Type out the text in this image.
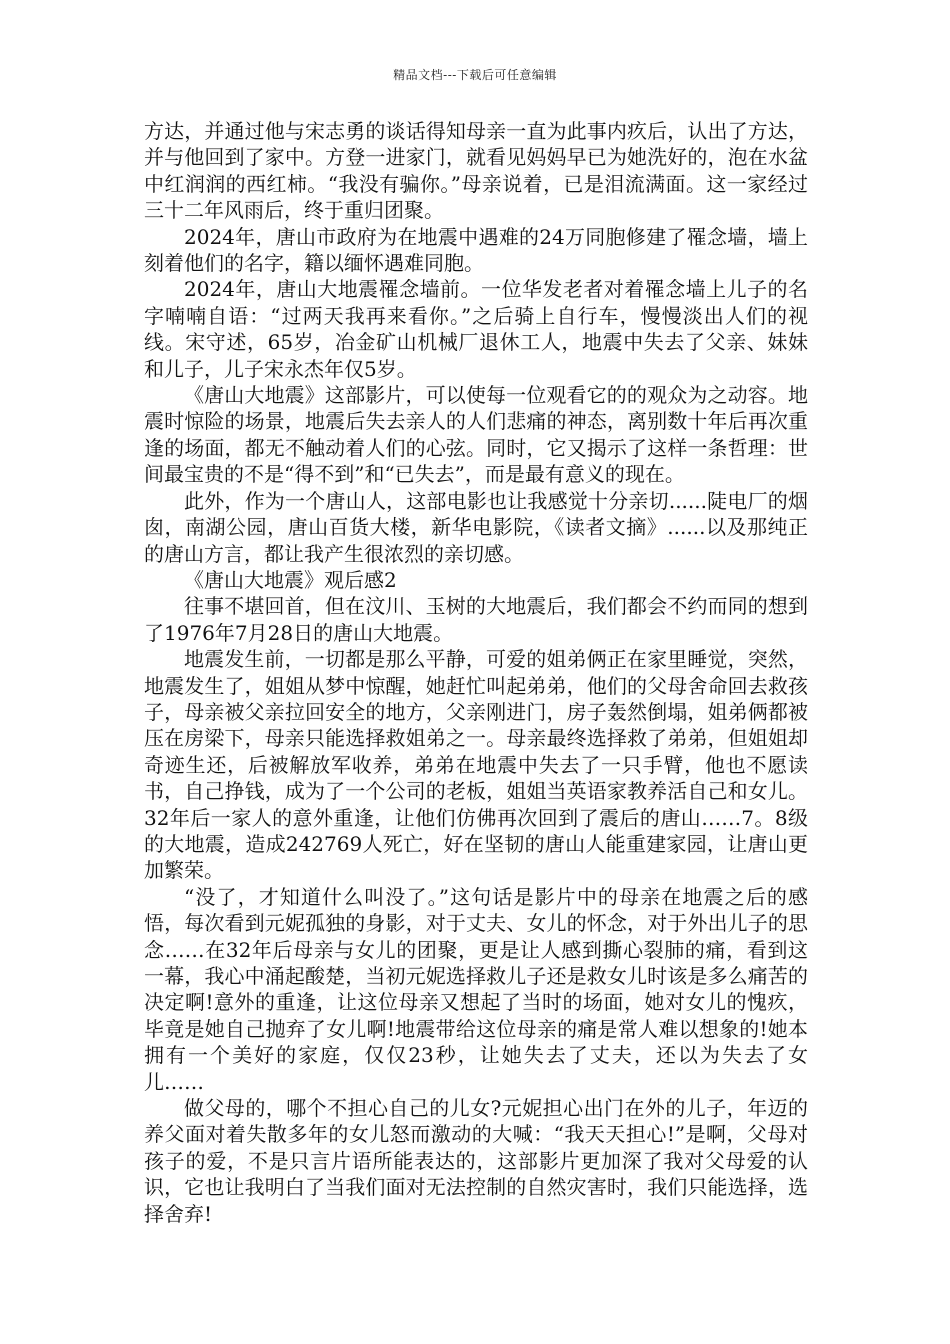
精品文档---下载后可任意编辑

方达，并通过他与宋志勇的谈话得知母亲一直为此事内疚后，认出了方达，并与他回到了家中。方登一进家门，就看见妈妈早已为她洗好的，泡在水盆中红润润的西红柿。“我没有骗你。”母亲说着，已是泪流满面。这一家经过三十二年风雨后，终于重归团聚。

2024年，唐山市政府为在地震中遇难的24万同胞修建了罹念墙，墙上刻着他们的名字，籍以缅怀遇难同胞。

2024年，唐山大地震罹念墙前。一位华发老者对着罹念墙上儿子的名字喃喃自语：“过两天我再来看你。”之后骑上自行车，慢慢淡出人们的视线。宋守述，65岁，冶金矿山机械厂退休工人，地震中失去了父亲、妹妹和儿子，儿子宋永杰年仅5岁。

《唐山大地震》这部影片，可以使每一位观看它的的观众为之动容。地震时惊险的场景，地震后失去亲人的人们悲痛的神态，离别数十年后再次重逢的场面，都无不触动着人们的心弦。同时，它又揭示了这样一条哲理：世间最宝贵的不是“得不到”和“已失去”，而是最有意义的现在。

此外，作为一个唐山人，这部电影也让我感觉十分亲切......陡电厂的烟囱，南湖公园，唐山百货大楼，新华电影院，《读者文摘》......以及那纯正的唐山方言，都让我产生很浓烈的亲切感。

《唐山大地震》观后感2

往事不堪回首，但在汶川、玉树的大地震后，我们都会不约而同的想到了1976年7月28日的唐山大地震。

地震发生前，一切都是那么平静，可爱的姐弟俩正在家里睡觉，突然，地震发生了，姐姐从梦中惊醒，她赶忙叫起弟弟，他们的父母舍命回去救孩子，母亲被父亲拉回安全的地方，父亲刚进门，房子轰然倒塌，姐弟俩都被压在房梁下，母亲只能选择救姐弟之一。母亲最终选择救了弟弟，但姐姐却奇迹生还，后被解放军收养，弟弟在地震中失去了一只手臂，他也不愿读书，自己挣钱，成为了一个公司的老板，姐姐当英语家教养活自己和女儿。32年后一家人的意外重逢，让他们仿佛再次回到了震后的唐山……7。8级的大地震，造成242769人死亡，好在坚韧的唐山人能重建家园，让唐山更加繁荣。

“没了，才知道什么叫没了。”这句话是影片中的母亲在地震之后的感悟，每次看到元妮孤独的身影，对于丈夫、女儿的怀念，对于外出儿子的思念……在32年后母亲与女儿的团聚，更是让人感到撕心裂肺的痛，看到这一幕，我心中涌起酸楚，当初元妮选择救儿子还是救女儿时该是多么痛苦的决定啊!意外的重逢，让这位母亲又想起了当时的场面，她对女儿的愧疚，毕竟是她自己抛弃了女儿啊!地震带给这位母亲的痛是常人难以想象的!她本拥有一个美好的家庭，仅仅23秒，让她失去了丈夫，还以为失去了女儿……

做父母的，哪个不担心自己的儿女?元妮担心出门在外的儿子，年迈的养父面对着失散多年的女儿怒而激动的大喊：“我天天担心!”是啊，父母对孩子的爱，不是只言片语所能表达的，这部影片更加深了我对父母爱的认识，它也让我明白了当我们面对无法控制的自然灾害时，我们只能选择，选择舍弃!
